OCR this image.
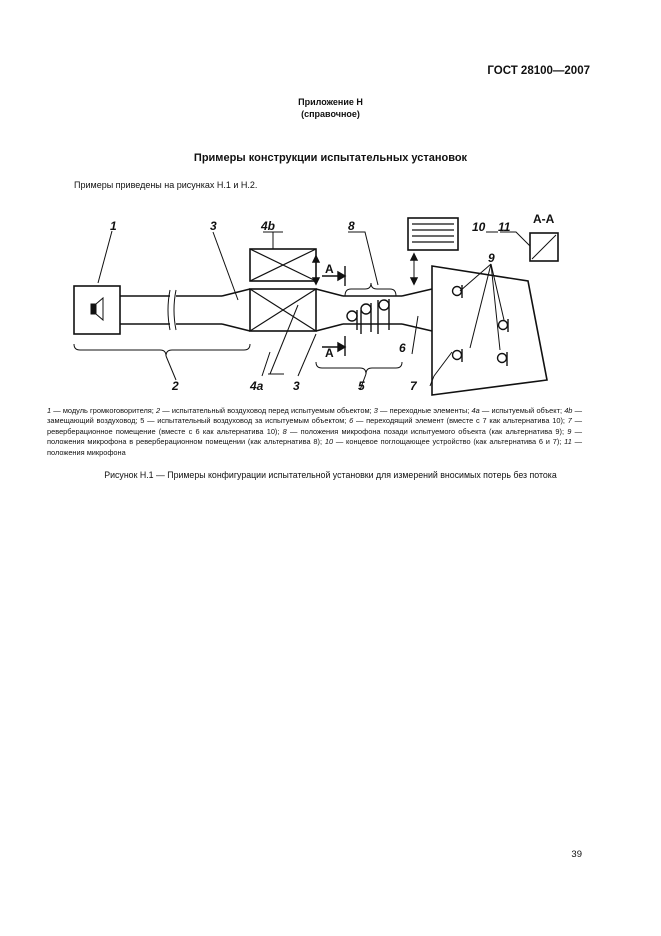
ГОСТ 28100—2007
Приложение Н
(справочное)
Примеры конструкции испытательных установок
Примеры приведены на рисунках Н.1 и Н.2.
1	3	4b	8	10 11
9
2	4a 3	5
6
7
A
A
A-A
1 — модуль громкоговорителя; 2 — испытательный воздуховод перед испытуемым объектом; 3 — переходные элементы; 4a — испытуемый объект; 4b — замещающий воздуховод; 5 — испытательный воздуховод за испытуемым объектом; 6 — переходящий элемент (вместе с 7 как альтернатива 10); 7 — реверберационное помещение (вместе с 6 как альтернатива 10); 8 — положения микрофона позади испытуемого объекта (как альтернатива 9); 9 — положения микрофона в реверберационном помещении (как альтернатива 8); 10 — концевое поглощающее устройство (как альтернатива 6 и 7); 11 — положения микрофона
Рисунок Н.1 — Примеры конфигурации испытательной установки для измерений вносимых потерь без потока
39
